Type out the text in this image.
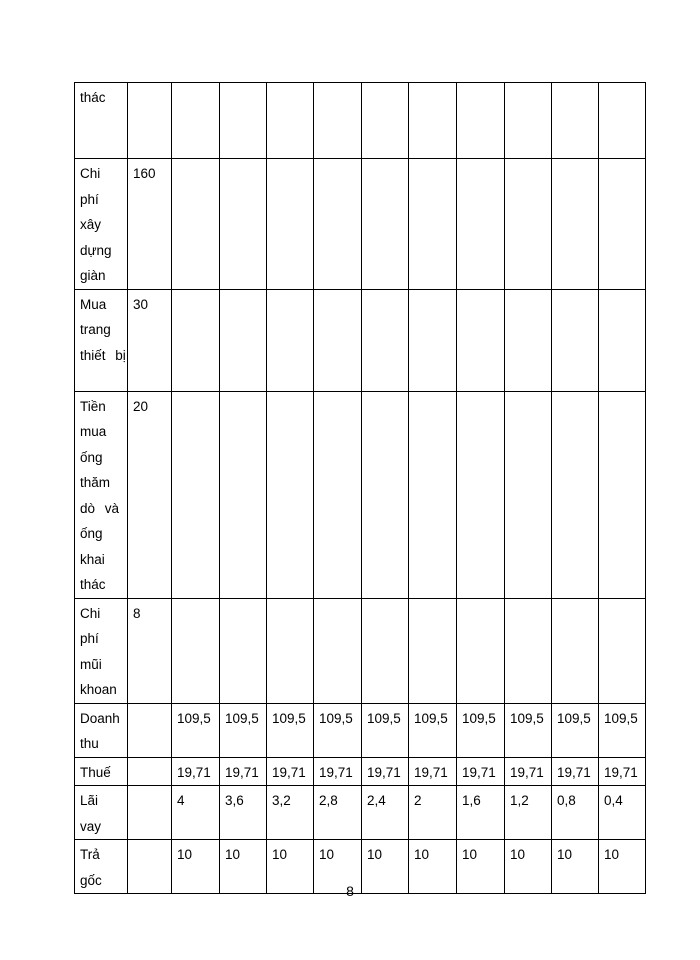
thác											

Chi phí xây dựng giàn	160										

Mua trang thiết bị	30										

Tiền mua ống thăm dò và ống khai thác	20										

Chi phí mũi khoan	8										

Doanh thu		109,5	109,5	109,5	109,5	109,5	109,5	109,5	109,5	109,5	109,5

Thuế		19,71	19,71	19,71	19,71	19,71	19,71	19,71	19,71	19,71	19,71

Lãi vay		4	3,6	3,2	2,8	2,4	2	1,6	1,2	0,8	0,4

Trả gốc		10	10	10	10	10	10	10	10	10	10
8
